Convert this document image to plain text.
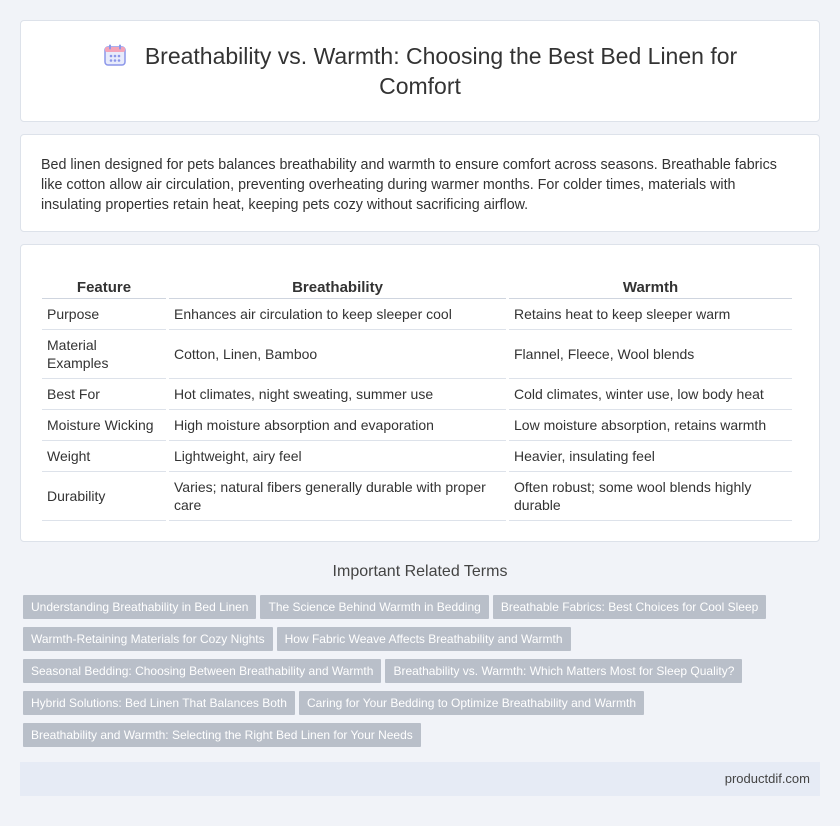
Breathability vs. Warmth: Choosing the Best Bed Linen for Comfort

Bed linen designed for pets balances breathability and warmth to ensure comfort across seasons. Breathable fabrics like cotton allow air circulation, preventing overheating during warmer months. For colder times, materials with insulating properties retain heat, keeping pets cozy without sacrificing airflow.

Feature	Breathability	Warmth
Purpose	Enhances air circulation to keep sleeper cool	Retains heat to keep sleeper warm
Material Examples	Cotton, Linen, Bamboo	Flannel, Fleece, Wool blends
Best For	Hot climates, night sweating, summer use	Cold climates, winter use, low body heat
Moisture Wicking	High moisture absorption and evaporation	Low moisture absorption, retains warmth
Weight	Lightweight, airy feel	Heavier, insulating feel
Durability	Varies; natural fibers generally durable with proper care	Often robust; some wool blends highly durable
Important Related Terms
Understanding Breathability in Bed Linen The Science Behind Warmth in Bedding Breathable Fabrics: Best Choices for Cool Sleep
Warmth-Retaining Materials for Cozy Nights How Fabric Weave Affects Breathability and Warmth
Seasonal Bedding: Choosing Between Breathability and Warmth Breathability vs. Warmth: Which Matters Most for Sleep Quality?
Hybrid Solutions: Bed Linen That Balances Both Caring for Your Bedding to Optimize Breathability and Warmth
Breathability and Warmth: Selecting the Right Bed Linen for Your Needs
productdif.com
